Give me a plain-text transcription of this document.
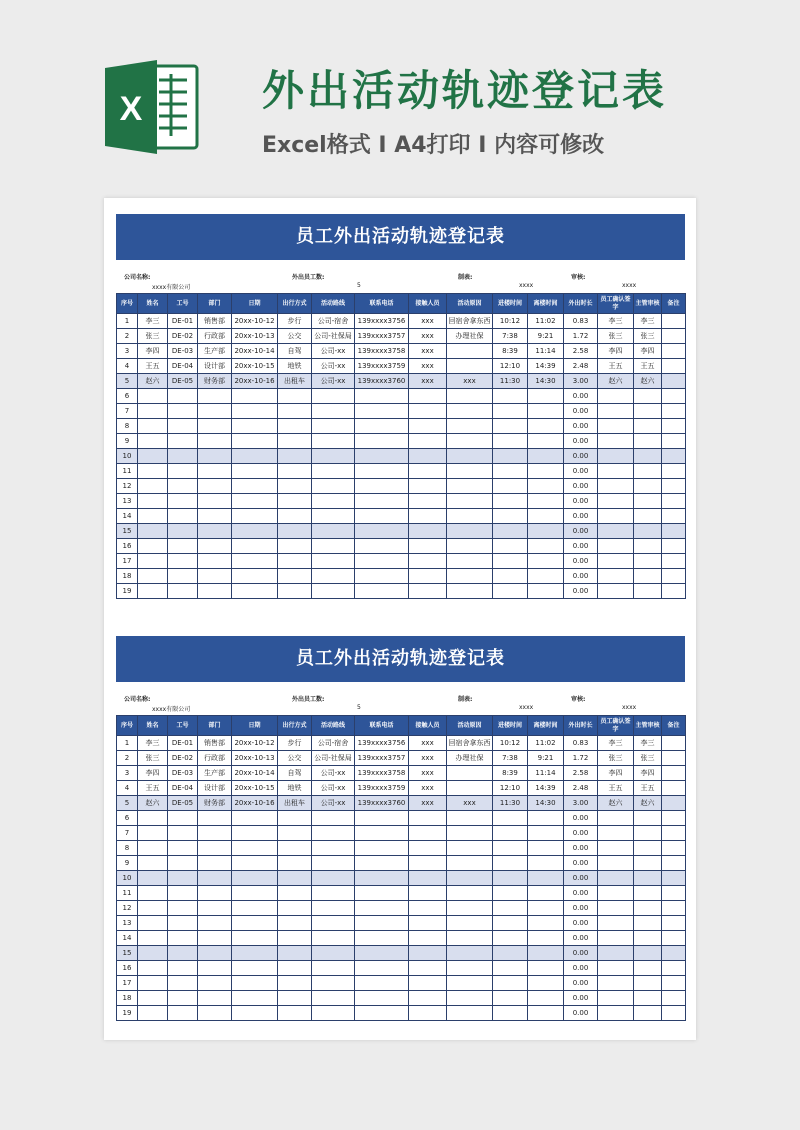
X	外出活动轨迹登记表
Excel格式 I A4打印 I 内容可修改
员工外出活动轨迹登记表
公司名称:
xxxx有限公司
外出员工数:
5
制表:
xxxx
审核:
xxxx
序号	姓名	工号	部门	日期	出行方式	活动路线	联系电话	接触人员	活动原因	进楼时间	离楼时间	外出时长	员工确认签字	主管审核	备注
1	李三	DE-01	销售部	20xx-10-12	步行	公司-宿舍	139xxxx3756	xxx	回宿舍拿东西	10:12	11:02	0.83	李三	李三	
2	张三	DE-02	行政部	20xx-10-13	公交	公司-社保局	139xxxx3757	xxx	办理社保	7:38	9:21	1.72	张三	张三	
3	李四	DE-03	生产部	20xx-10-14	自驾	公司-xx	139xxxx3758	xxx		8:39	11:14	2.58	李四	李四	
4	王五	DE-04	设计部	20xx-10-15	地铁	公司-xx	139xxxx3759	xxx		12:10	14:39	2.48	王五	王五	
5	赵六	DE-05	财务部	20xx-10-16	出租车	公司-xx	139xxxx3760	xxx	xxx	11:30	14:30	3.00	赵六	赵六	
6												0.00			
7												0.00			
8												0.00			
9												0.00			
10												0.00			
11												0.00			
12												0.00			
13												0.00			
14												0.00			
15												0.00			
16												0.00			
17												0.00			
18												0.00			
19												0.00			
员工外出活动轨迹登记表
公司名称:
xxxx有限公司
外出员工数:
5
制表:
xxxx
审核:
xxxx
序号	姓名	工号	部门	日期	出行方式	活动路线	联系电话	接触人员	活动原因	进楼时间	离楼时间	外出时长	员工确认签字	主管审核	备注
1	李三	DE-01	销售部	20xx-10-12	步行	公司-宿舍	139xxxx3756	xxx	回宿舍拿东西	10:12	11:02	0.83	李三	李三	
2	张三	DE-02	行政部	20xx-10-13	公交	公司-社保局	139xxxx3757	xxx	办理社保	7:38	9:21	1.72	张三	张三	
3	李四	DE-03	生产部	20xx-10-14	自驾	公司-xx	139xxxx3758	xxx		8:39	11:14	2.58	李四	李四	
4	王五	DE-04	设计部	20xx-10-15	地铁	公司-xx	139xxxx3759	xxx		12:10	14:39	2.48	王五	王五	
5	赵六	DE-05	财务部	20xx-10-16	出租车	公司-xx	139xxxx3760	xxx	xxx	11:30	14:30	3.00	赵六	赵六	
6												0.00			
7												0.00			
8												0.00			
9												0.00			
10												0.00			
11												0.00			
12												0.00			
13												0.00			
14												0.00			
15												0.00			
16												0.00			
17												0.00			
18												0.00			
19												0.00			
